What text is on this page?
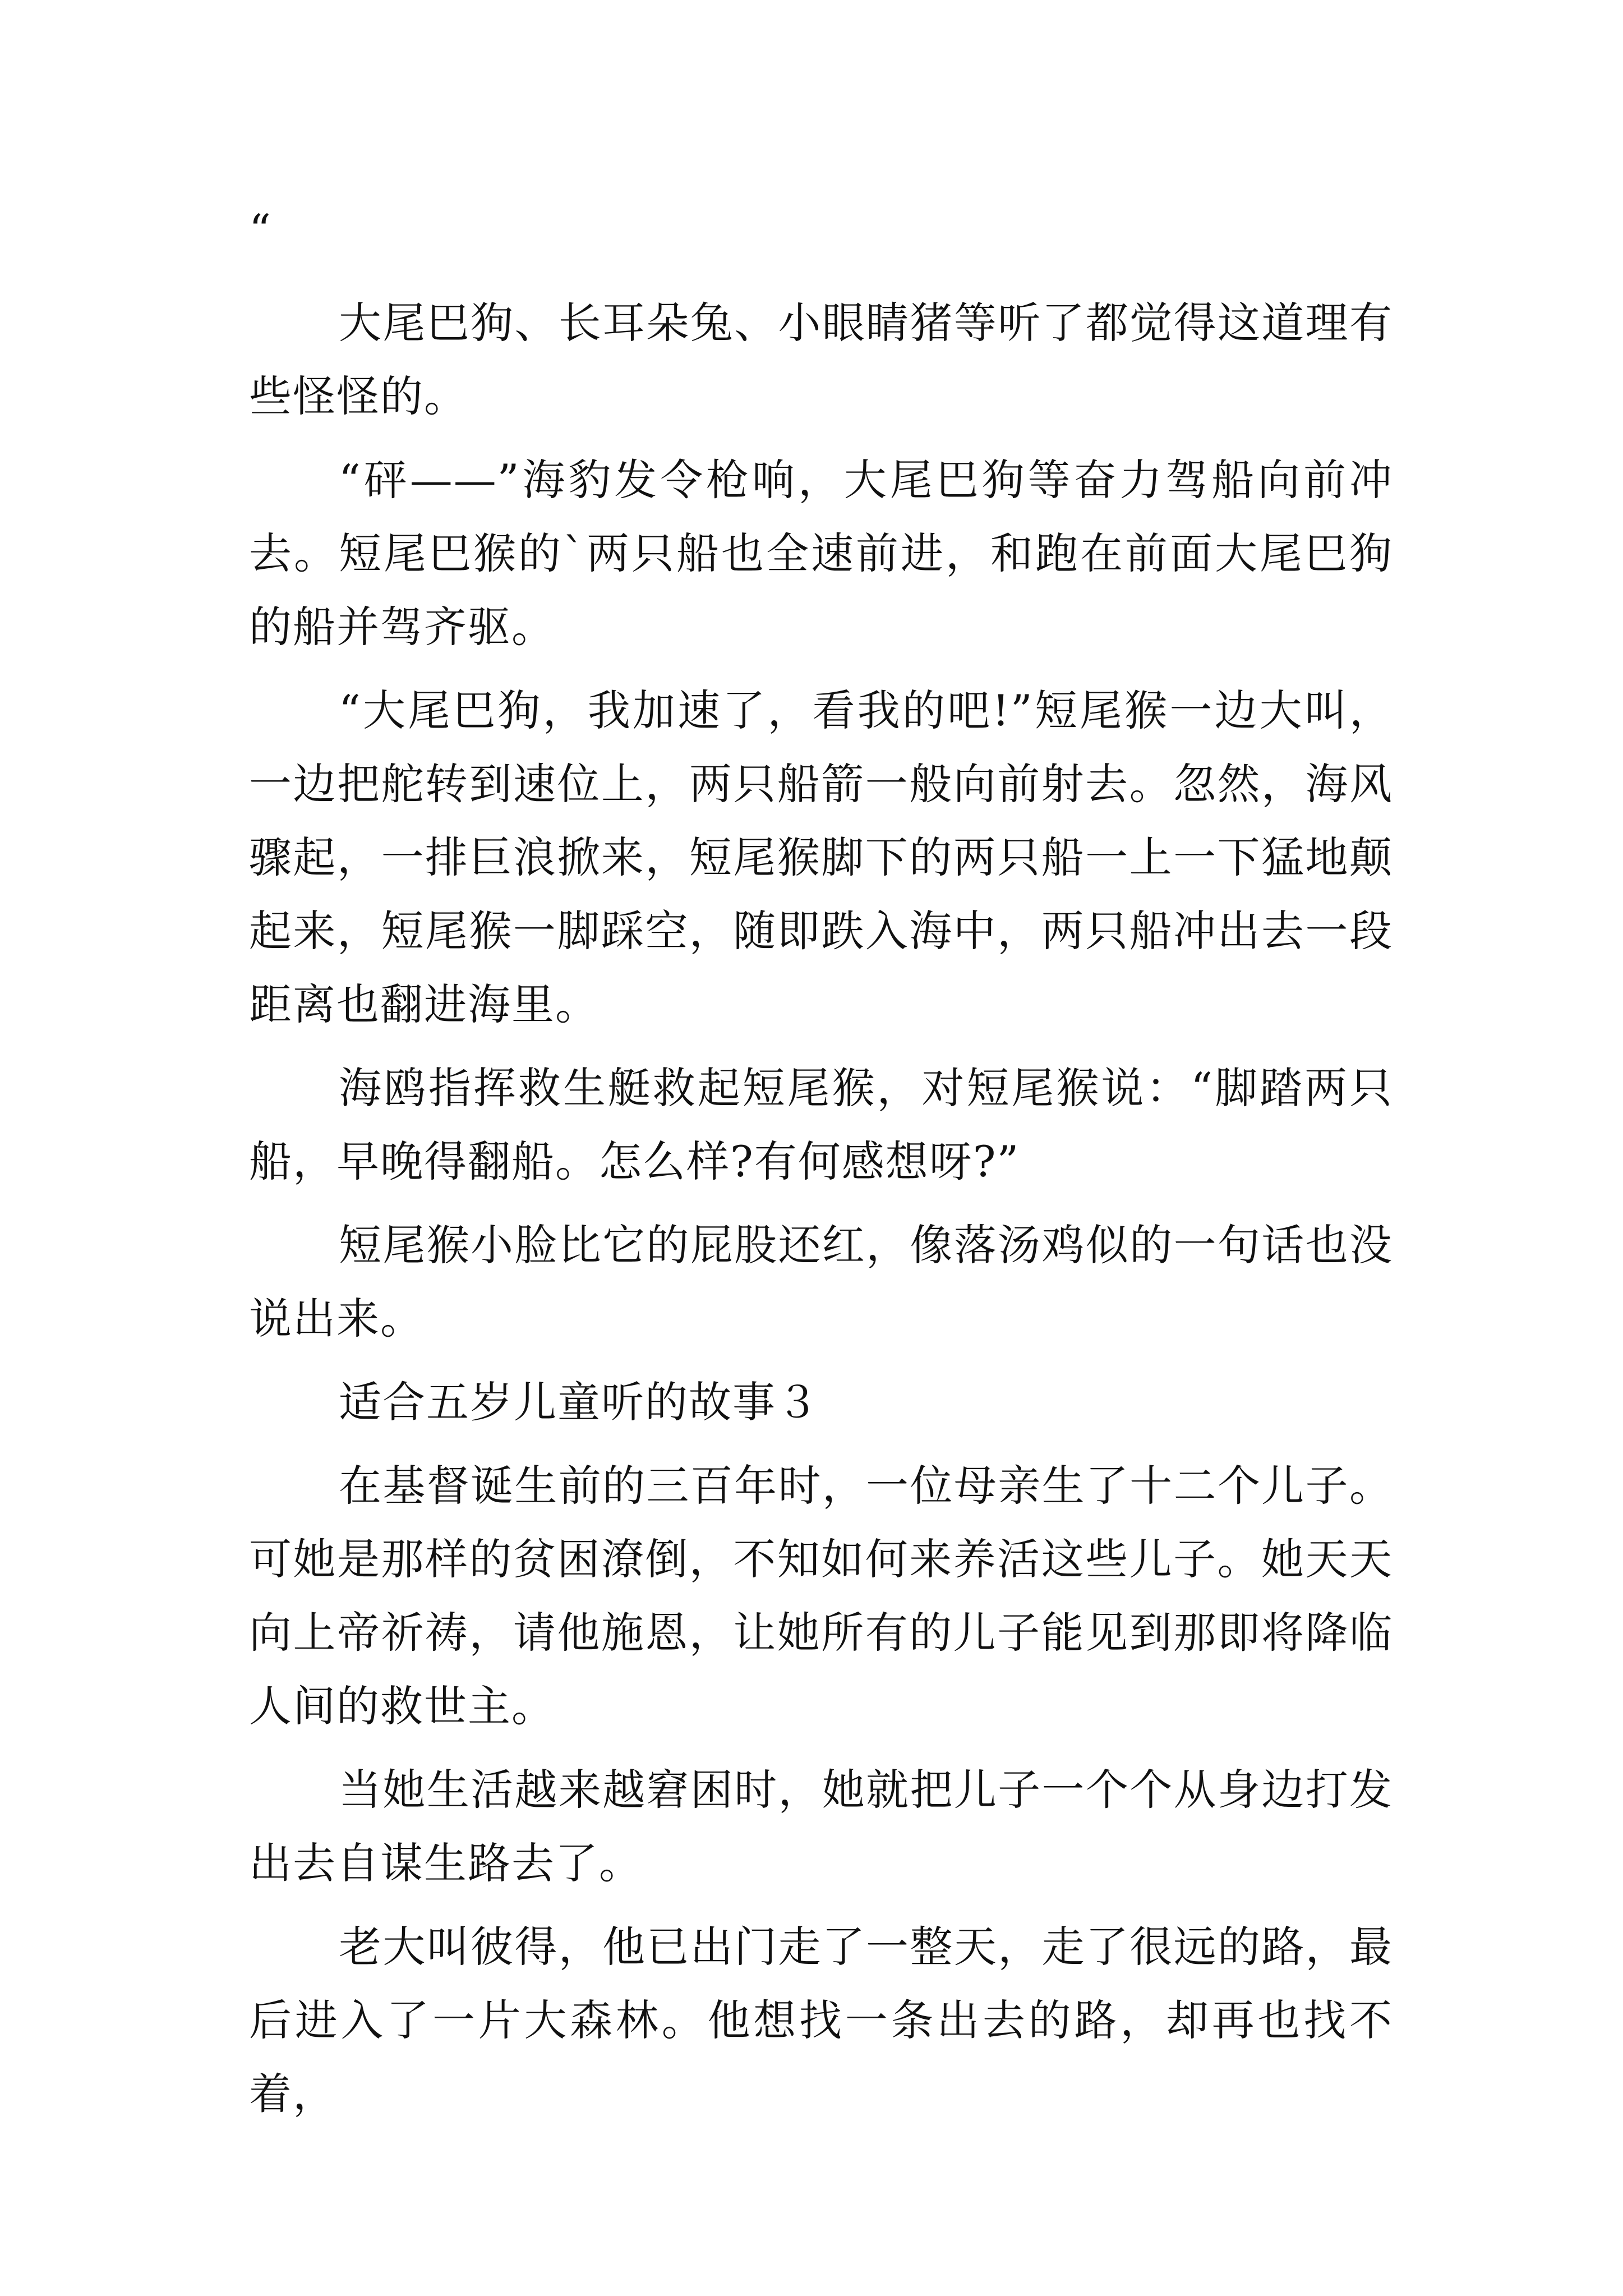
“

大尾巴狗、长耳朵兔、小眼睛猪等听了都觉得这道理有些怪怪的。

“砰——”海豹发令枪响，大尾巴狗等奋力驾船向前冲去。短尾巴猴的`两只船也全速前进，和跑在前面大尾巴狗的船并驾齐驱。

“大尾巴狗，我加速了，看我的吧!”短尾猴一边大叫，一边把舵转到速位上，两只船箭一般向前射去。忽然，海风骤起，一排巨浪掀来，短尾猴脚下的两只船一上一下猛地颠起来，短尾猴一脚踩空，随即跌入海中，两只船冲出去一段距离也翻进海里。

海鸥指挥救生艇救起短尾猴，对短尾猴说：“脚踏两只船，早晚得翻船。怎么样?有何感想呀?”

短尾猴小脸比它的屁股还红，像落汤鸡似的一句话也没说出来。

适合五岁儿童听的故事３

在基督诞生前的三百年时，一位母亲生了十二个儿子。可她是那样的贫困潦倒，不知如何来养活这些儿子。她天天向上帝祈祷，请他施恩，让她所有的儿子能见到那即将降临人间的救世主。

当她生活越来越窘困时，她就把儿子一个个从身边打发出去自谋生路去了。

老大叫彼得，他已出门走了一整天，走了很远的路，最后进入了一片大森林。他想找一条出去的路，却再也找不着，
